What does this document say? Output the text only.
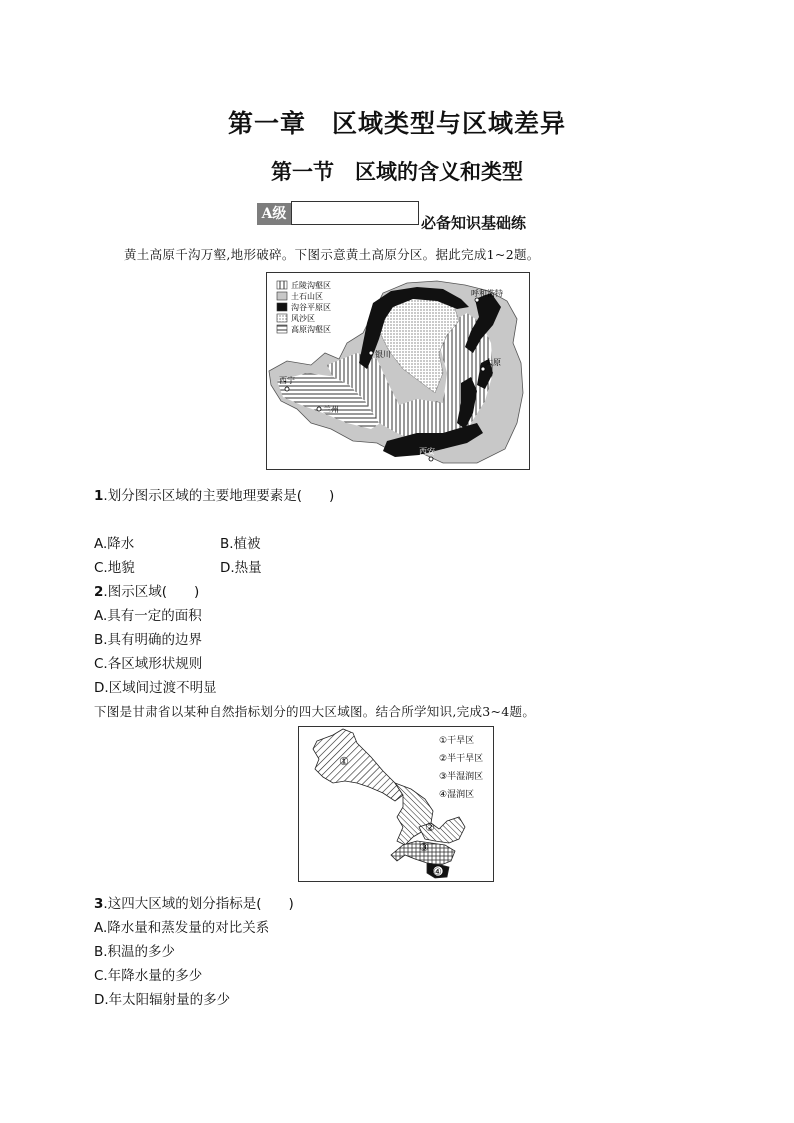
第一章　区域类型与区域差异
第一节　区域的含义和类型
A级	必备知识基础练
黄土高原千沟万壑,地形破碎。下图示意黄土高原分区。据此完成1~2题。
丘陵沟壑区
土石山区
沟谷平原区
风沙区
高原沟壑区
呼和浩特
银川
太原
西宁
兰州
西安
1.划分图示区域的主要地理要素是(　　)
A.降水	B.植被
C.地貌	D.热量
2.图示区域(　　)
A.具有一定的面积
B.具有明确的边界
C.各区域形状规则
D.区域间过渡不明显
下图是甘肃省以某种自然指标划分的四大区域图。结合所学知识,完成3~4题。
①
②
③
④
①干旱区
②半干旱区
③半湿润区
④湿润区
3.这四大区域的划分指标是(　　)
A.降水量和蒸发量的对比关系
B.积温的多少
C.年降水量的多少
D.年太阳辐射量的多少
